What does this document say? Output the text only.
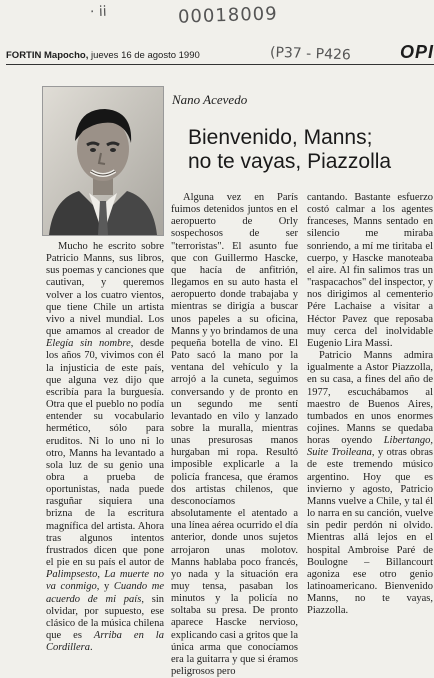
· ii	00018009
(P37 - P426
FORTIN Mapocho, jueves 16 de agosto 1990	OPI
Nano Acevedo
Bienvenido, Manns;
no te vayas, Piazzolla

Mucho he escrito sobre Patricio Manns, sus libros, sus poemas y canciones que cautivan, y queremos volver a los cuatro vientos, que tiene Chile un artista vivo a nivel mundial. Los que amamos al creador de Elegía sin nombre, desde los años 70, vivimos con él la injusticia de este país, que alguna vez dijo que escribía para la burguesía. Otra que el pueblo no podía entender su vocabulario hermético, sólo para eruditos. Ni lo uno ni lo otro, Manns ha levantado a sola luz de su genio una obra a prueba de oportunistas, nada puede rasguñar siquiera una brizna de la escritura magnífica del artista. Ahora tras algunos intentos frustrados dicen que pone el pie en su país el autor de Palimpsesto, La muerte no va conmigo, y Cuando me acuerdo de mi país, sin olvidar, por supuesto, ese clásico de la música chilena que es Arriba en la Cordillera.

Alguna vez en París fuimos detenidos juntos en el aeropuerto de Orly sospechosos de ser "terroristas". El asunto fue que con Guillermo Hascke, que hacía de anfitrión, llegamos en su auto hasta el aeropuerto donde trabajaba y mientras se dirigía a buscar unos papeles a su oficina, Manns y yo brindamos de una pequeña botella de vino. El Pato sacó la mano por la ventana del vehículo y la arrojó a la cuneta, seguimos conversando y de pronto en un segundo me sentí levantado en vilo y lanzado sobre la muralla, mientras unas presurosas manos hurgaban mi ropa. Resultó imposible explicarle a la policía francesa, que éramos dos artistas chilenos, que desconocíamos absolutamente el atentado a una línea aérea ocurrido el día anterior, donde unos sujetos arrojaron unas molotov. Manns hablaba poco francés, yo nada y la situación era muy tensa, pasaban los minutos y la policía no soltaba su presa. De pronto aparece Hascke nervioso, explicando casi a gritos que la única arma que conocíamos era la guitarra y que si éramos peligrosos pero

cantando. Bastante esfuerzo costó calmar a los agentes franceses, Manns sentado en silencio me miraba sonriendo, a mí me tiritaba el cuerpo, y Hascke manoteaba el aire. Al fin salimos tras un "raspacachos" del inspector, y nos dirigimos al cementerio Pére Lachaise a visitar a Héctor Pavez que reposaba muy cerca del inolvidable Eugenio Lira Massi.

Patricio Manns admira igualmente a Astor Piazzolla, en su casa, a fines del año de 1977, escuchábamos al maestro de Buenos Aires, tumbados en unos enormes cojines. Manns se quedaba horas oyendo Libertango, Suite Troileana, y otras obras de este tremendo músico argentino. Hoy que es invierno y agosto, Patricio Manns vuelve a Chile, y tal él lo narra en su canción, vuelve sin pedir perdón ni olvido. Mientras allá lejos en el hospital Ambroise Paré de Boulogne – Billancourt agoniza ese otro genio latinoamericano. Bienvenido Manns, no te vayas, Piazzolla.
